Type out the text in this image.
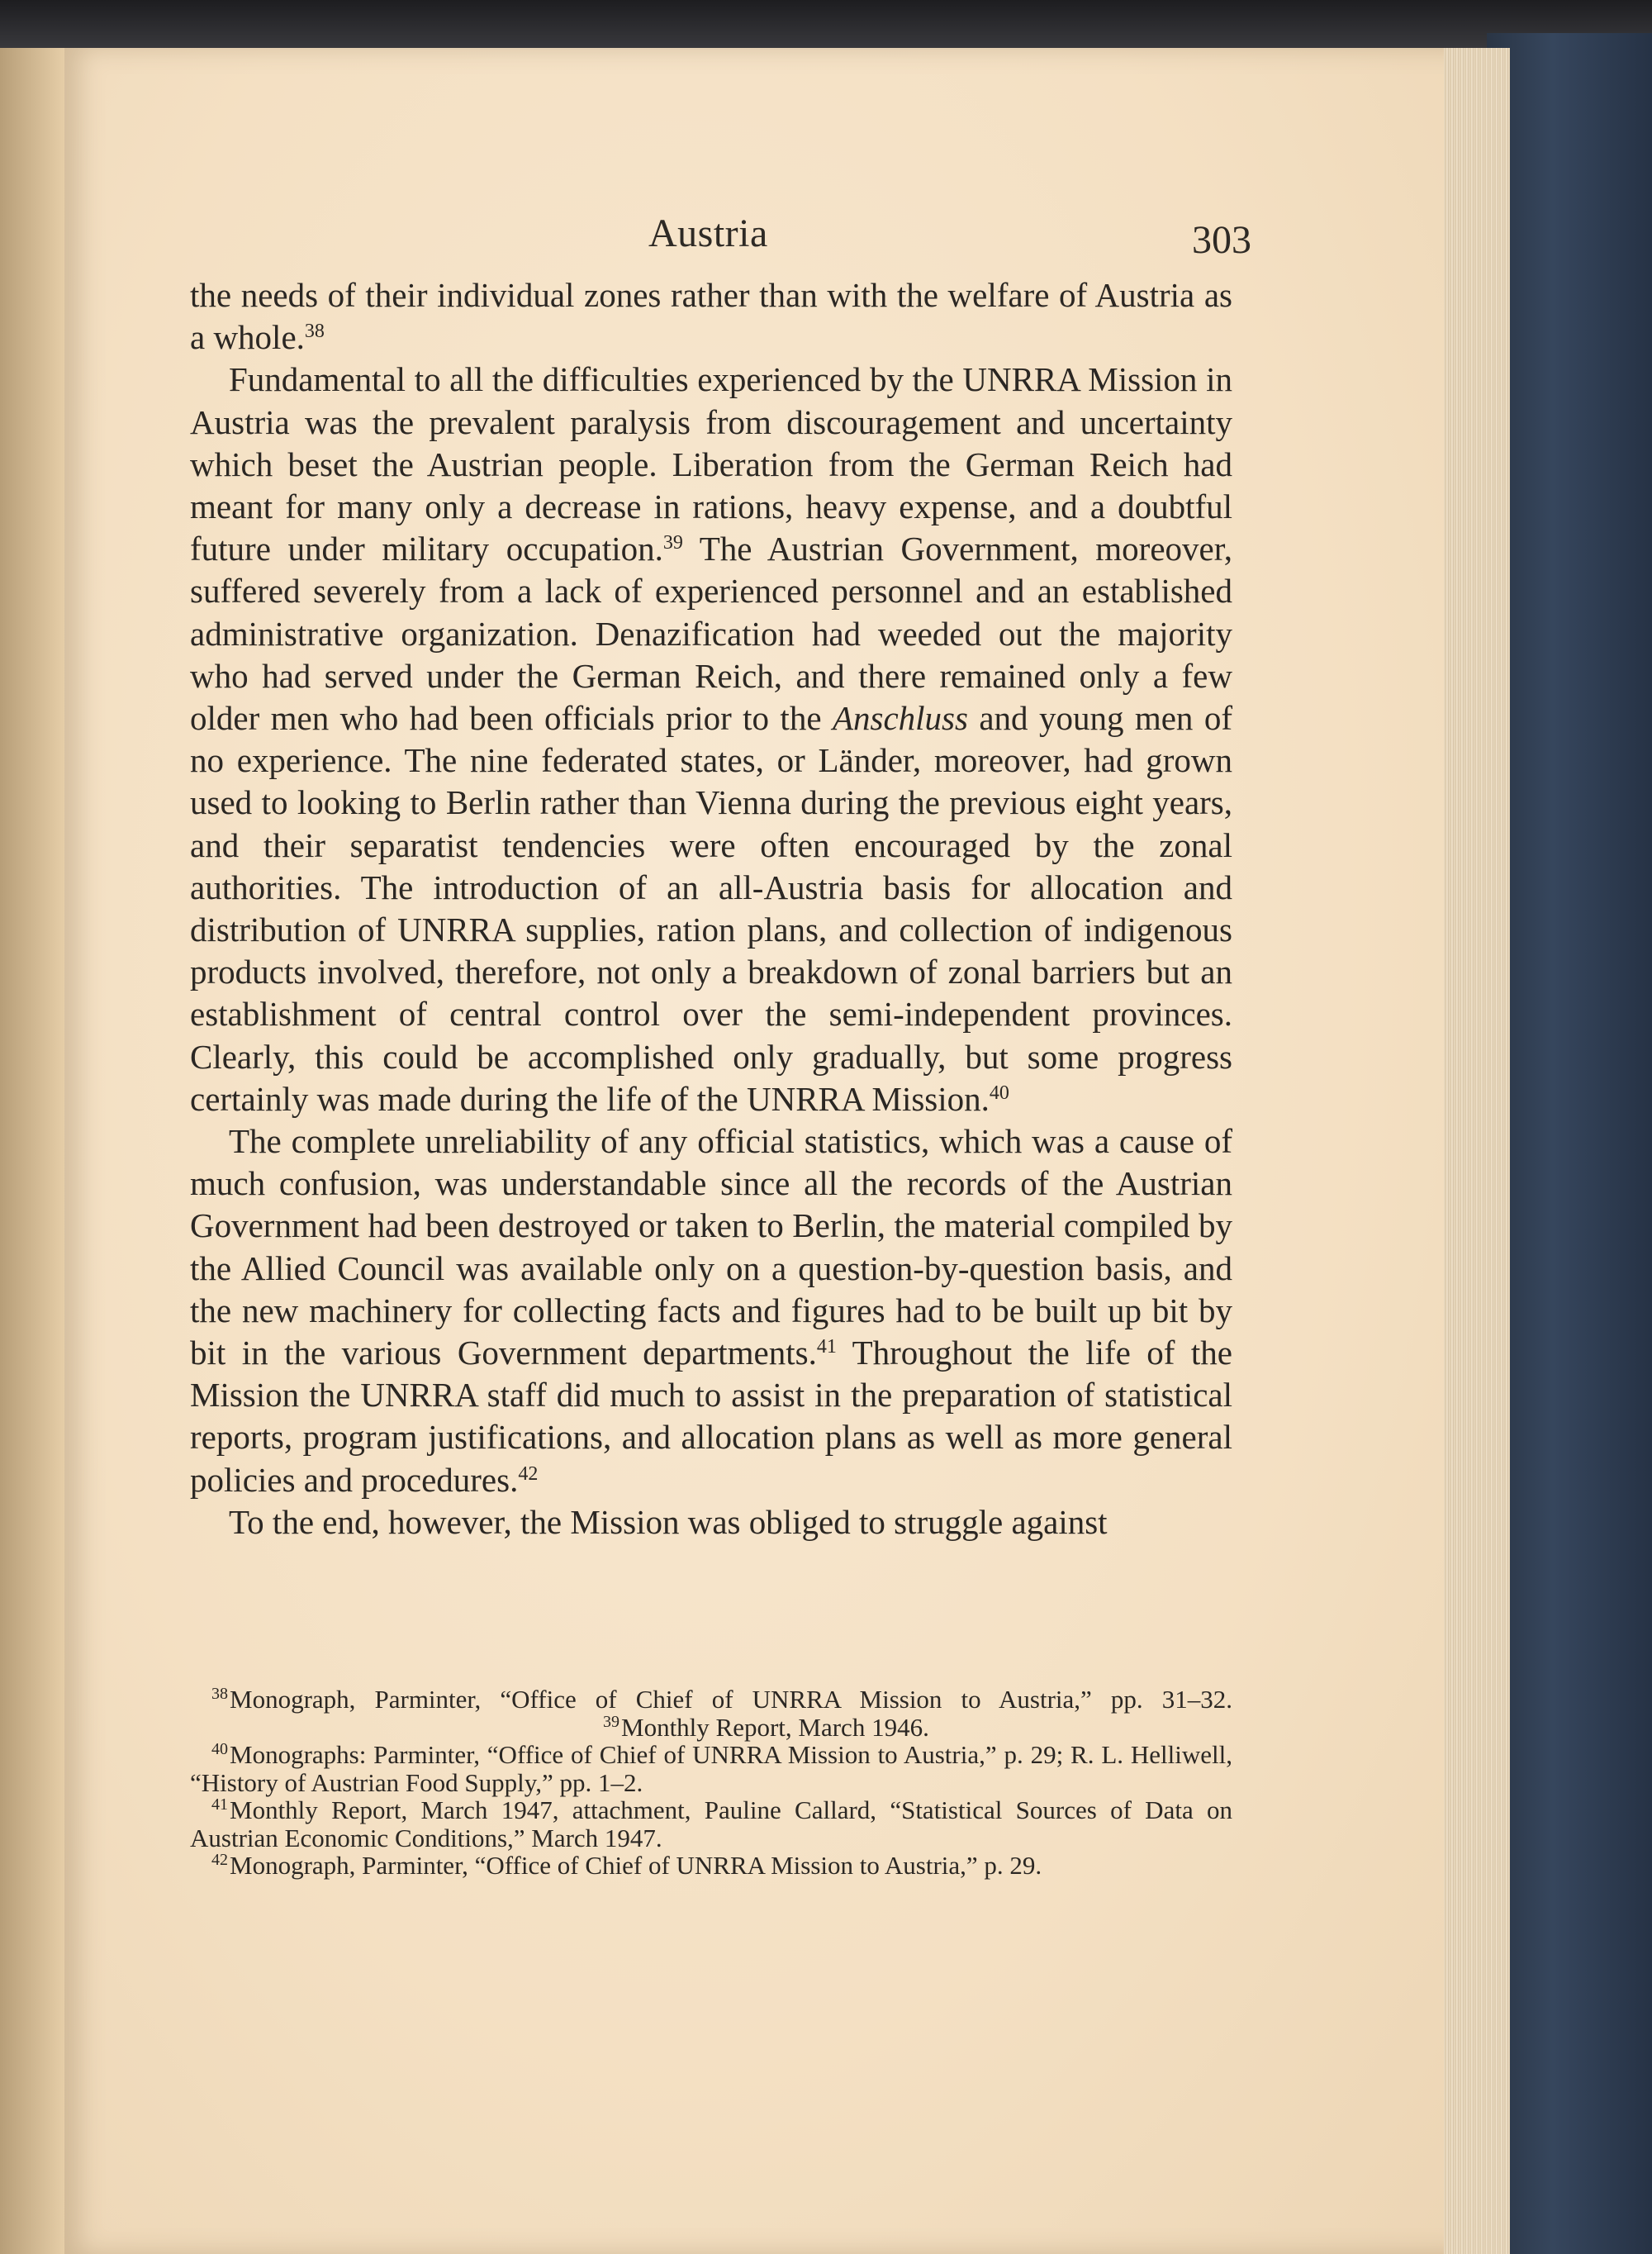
Austria	303

the needs of their individual zones rather than with the welfare of Austria as a whole.$^{38}$

Fundamental to all the difficulties experienced by the UNRRA Mission in Austria was the prevalent paralysis from discouragement and uncertainty which beset the Austrian people. Liberation from the German Reich had meant for many only a decrease in rations, heavy expense, and a doubtful future under military occupation.$^{39}$ The Austrian Government, moreover, suffered severely from a lack of experienced personnel and an established administrative organization. Denazification had weeded out the majority who had served under the German Reich, and there remained only a few older men who had been officials prior to the Anschluss and young men of no experience. The nine federated states, or Länder, moreover, had grown used to looking to Berlin rather than Vienna during the previous eight years, and their separatist tendencies were often encouraged by the zonal authorities. The introduction of an all-Austria basis for allocation and distribution of UNRRA supplies, ration plans, and collection of indigenous products involved, therefore, not only a breakdown of zonal barriers but an establishment of central control over the semi-independent provinces. Clearly, this could be accomplished only gradually, but some progress certainly was made during the life of the UNRRA Mission.$^{40}$

The complete unreliability of any official statistics, which was a cause of much confusion, was understandable since all the records of the Austrian Government had been destroyed or taken to Berlin, the material compiled by the Allied Council was available only on a question-by-question basis, and the new machinery for collecting facts and figures had to be built up bit by bit in the various Government departments.$^{41}$ Throughout the life of the Mission the UNRRA staff did much to assist in the preparation of statistical reports, program justifications, and allocation plans as well as more general policies and procedures.$^{42}$

To the end, however, the Mission was obliged to struggle against

$^{38}$Monograph, Parminter, “Office of Chief of UNRRA Mission to Austria,” pp. 31–32.39Monthly Report, March 1946.

$^{40}$Monographs: Parminter, “Office of Chief of UNRRA Mission to Austria,” p. 29; R. L. Helliwell, “History of Austrian Food Supply,” pp. 1–2.

$^{41}$Monthly Report, March 1947, attachment, Pauline Callard, “Statistical Sources of Data on Austrian Economic Conditions,” March 1947.

$^{42}$Monograph, Parminter, “Office of Chief of UNRRA Mission to Austria,” p. 29.
